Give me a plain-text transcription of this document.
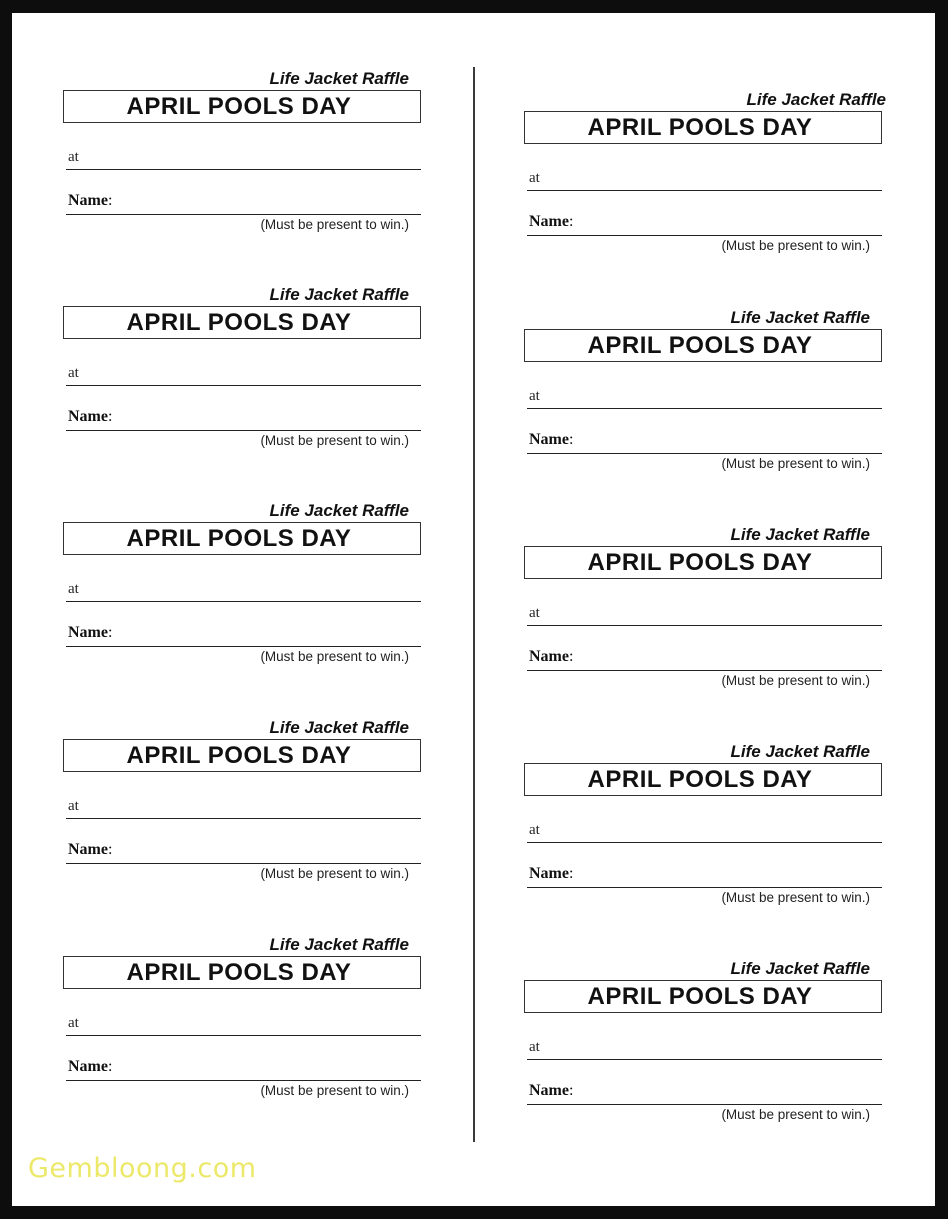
Life Jacket Raffle
APRIL POOLS DAY
at
Name:
(Must be present to win.)
Life Jacket Raffle
APRIL POOLS DAY
at
Name:
(Must be present to win.)
Life Jacket Raffle
APRIL POOLS DAY
at
Name:
(Must be present to win.)
Life Jacket Raffle
APRIL POOLS DAY
at
Name:
(Must be present to win.)
Life Jacket Raffle
APRIL POOLS DAY
at
Name:
(Must be present to win.)
Life Jacket Raffle
APRIL POOLS DAY
at
Name:
(Must be present to win.)
Life Jacket Raffle
APRIL POOLS DAY
at
Name:
(Must be present to win.)
Life Jacket Raffle
APRIL POOLS DAY
at
Name:
(Must be present to win.)
Life Jacket Raffle
APRIL POOLS DAY
at
Name:
(Must be present to win.)
Life Jacket Raffle
APRIL POOLS DAY
at
Name:
(Must be present to win.)
Gembloong.com
